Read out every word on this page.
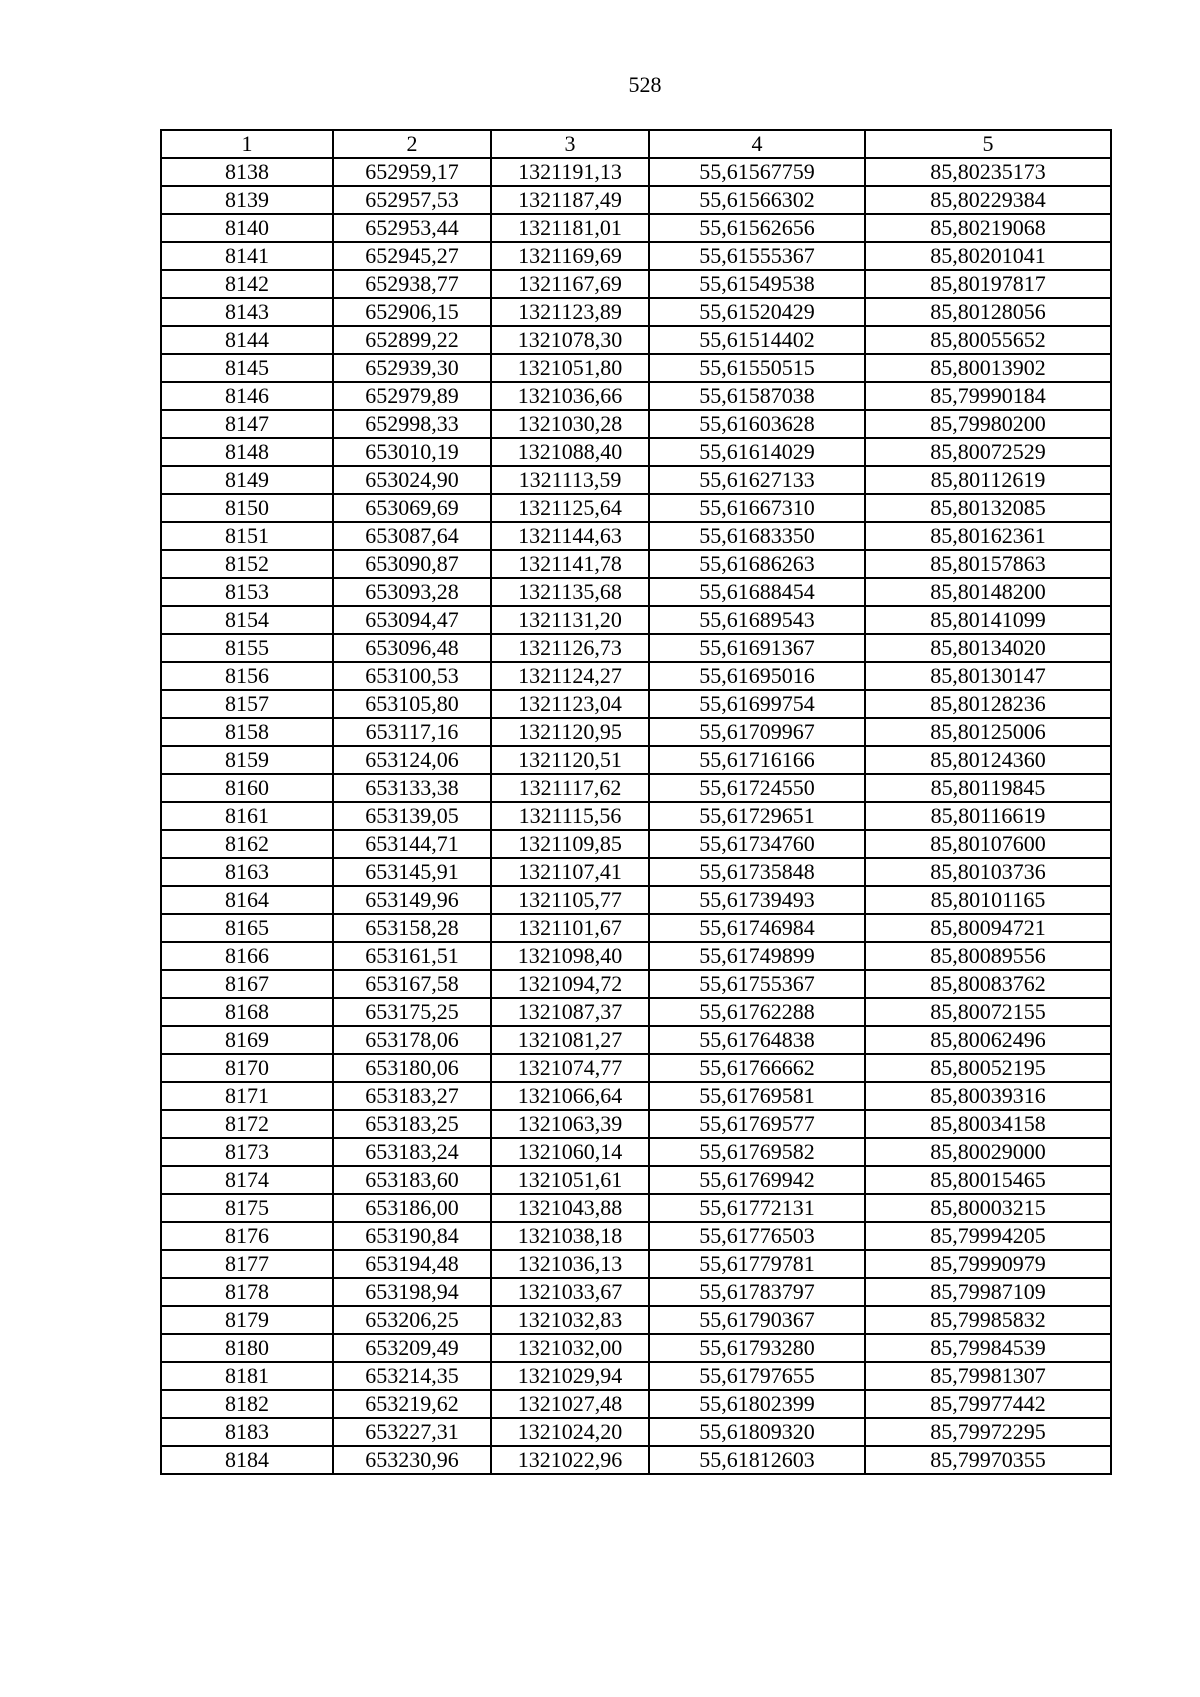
528
1	2	3	4	5
8138	652959,17	1321191,13	55,61567759	85,80235173
8139	652957,53	1321187,49	55,61566302	85,80229384
8140	652953,44	1321181,01	55,61562656	85,80219068
8141	652945,27	1321169,69	55,61555367	85,80201041
8142	652938,77	1321167,69	55,61549538	85,80197817
8143	652906,15	1321123,89	55,61520429	85,80128056
8144	652899,22	1321078,30	55,61514402	85,80055652
8145	652939,30	1321051,80	55,61550515	85,80013902
8146	652979,89	1321036,66	55,61587038	85,79990184
8147	652998,33	1321030,28	55,61603628	85,79980200
8148	653010,19	1321088,40	55,61614029	85,80072529
8149	653024,90	1321113,59	55,61627133	85,80112619
8150	653069,69	1321125,64	55,61667310	85,80132085
8151	653087,64	1321144,63	55,61683350	85,80162361
8152	653090,87	1321141,78	55,61686263	85,80157863
8153	653093,28	1321135,68	55,61688454	85,80148200
8154	653094,47	1321131,20	55,61689543	85,80141099
8155	653096,48	1321126,73	55,61691367	85,80134020
8156	653100,53	1321124,27	55,61695016	85,80130147
8157	653105,80	1321123,04	55,61699754	85,80128236
8158	653117,16	1321120,95	55,61709967	85,80125006
8159	653124,06	1321120,51	55,61716166	85,80124360
8160	653133,38	1321117,62	55,61724550	85,80119845
8161	653139,05	1321115,56	55,61729651	85,80116619
8162	653144,71	1321109,85	55,61734760	85,80107600
8163	653145,91	1321107,41	55,61735848	85,80103736
8164	653149,96	1321105,77	55,61739493	85,80101165
8165	653158,28	1321101,67	55,61746984	85,80094721
8166	653161,51	1321098,40	55,61749899	85,80089556
8167	653167,58	1321094,72	55,61755367	85,80083762
8168	653175,25	1321087,37	55,61762288	85,80072155
8169	653178,06	1321081,27	55,61764838	85,80062496
8170	653180,06	1321074,77	55,61766662	85,80052195
8171	653183,27	1321066,64	55,61769581	85,80039316
8172	653183,25	1321063,39	55,61769577	85,80034158
8173	653183,24	1321060,14	55,61769582	85,80029000
8174	653183,60	1321051,61	55,61769942	85,80015465
8175	653186,00	1321043,88	55,61772131	85,80003215
8176	653190,84	1321038,18	55,61776503	85,79994205
8177	653194,48	1321036,13	55,61779781	85,79990979
8178	653198,94	1321033,67	55,61783797	85,79987109
8179	653206,25	1321032,83	55,61790367	85,79985832
8180	653209,49	1321032,00	55,61793280	85,79984539
8181	653214,35	1321029,94	55,61797655	85,79981307
8182	653219,62	1321027,48	55,61802399	85,79977442
8183	653227,31	1321024,20	55,61809320	85,79972295
8184	653230,96	1321022,96	55,61812603	85,79970355
